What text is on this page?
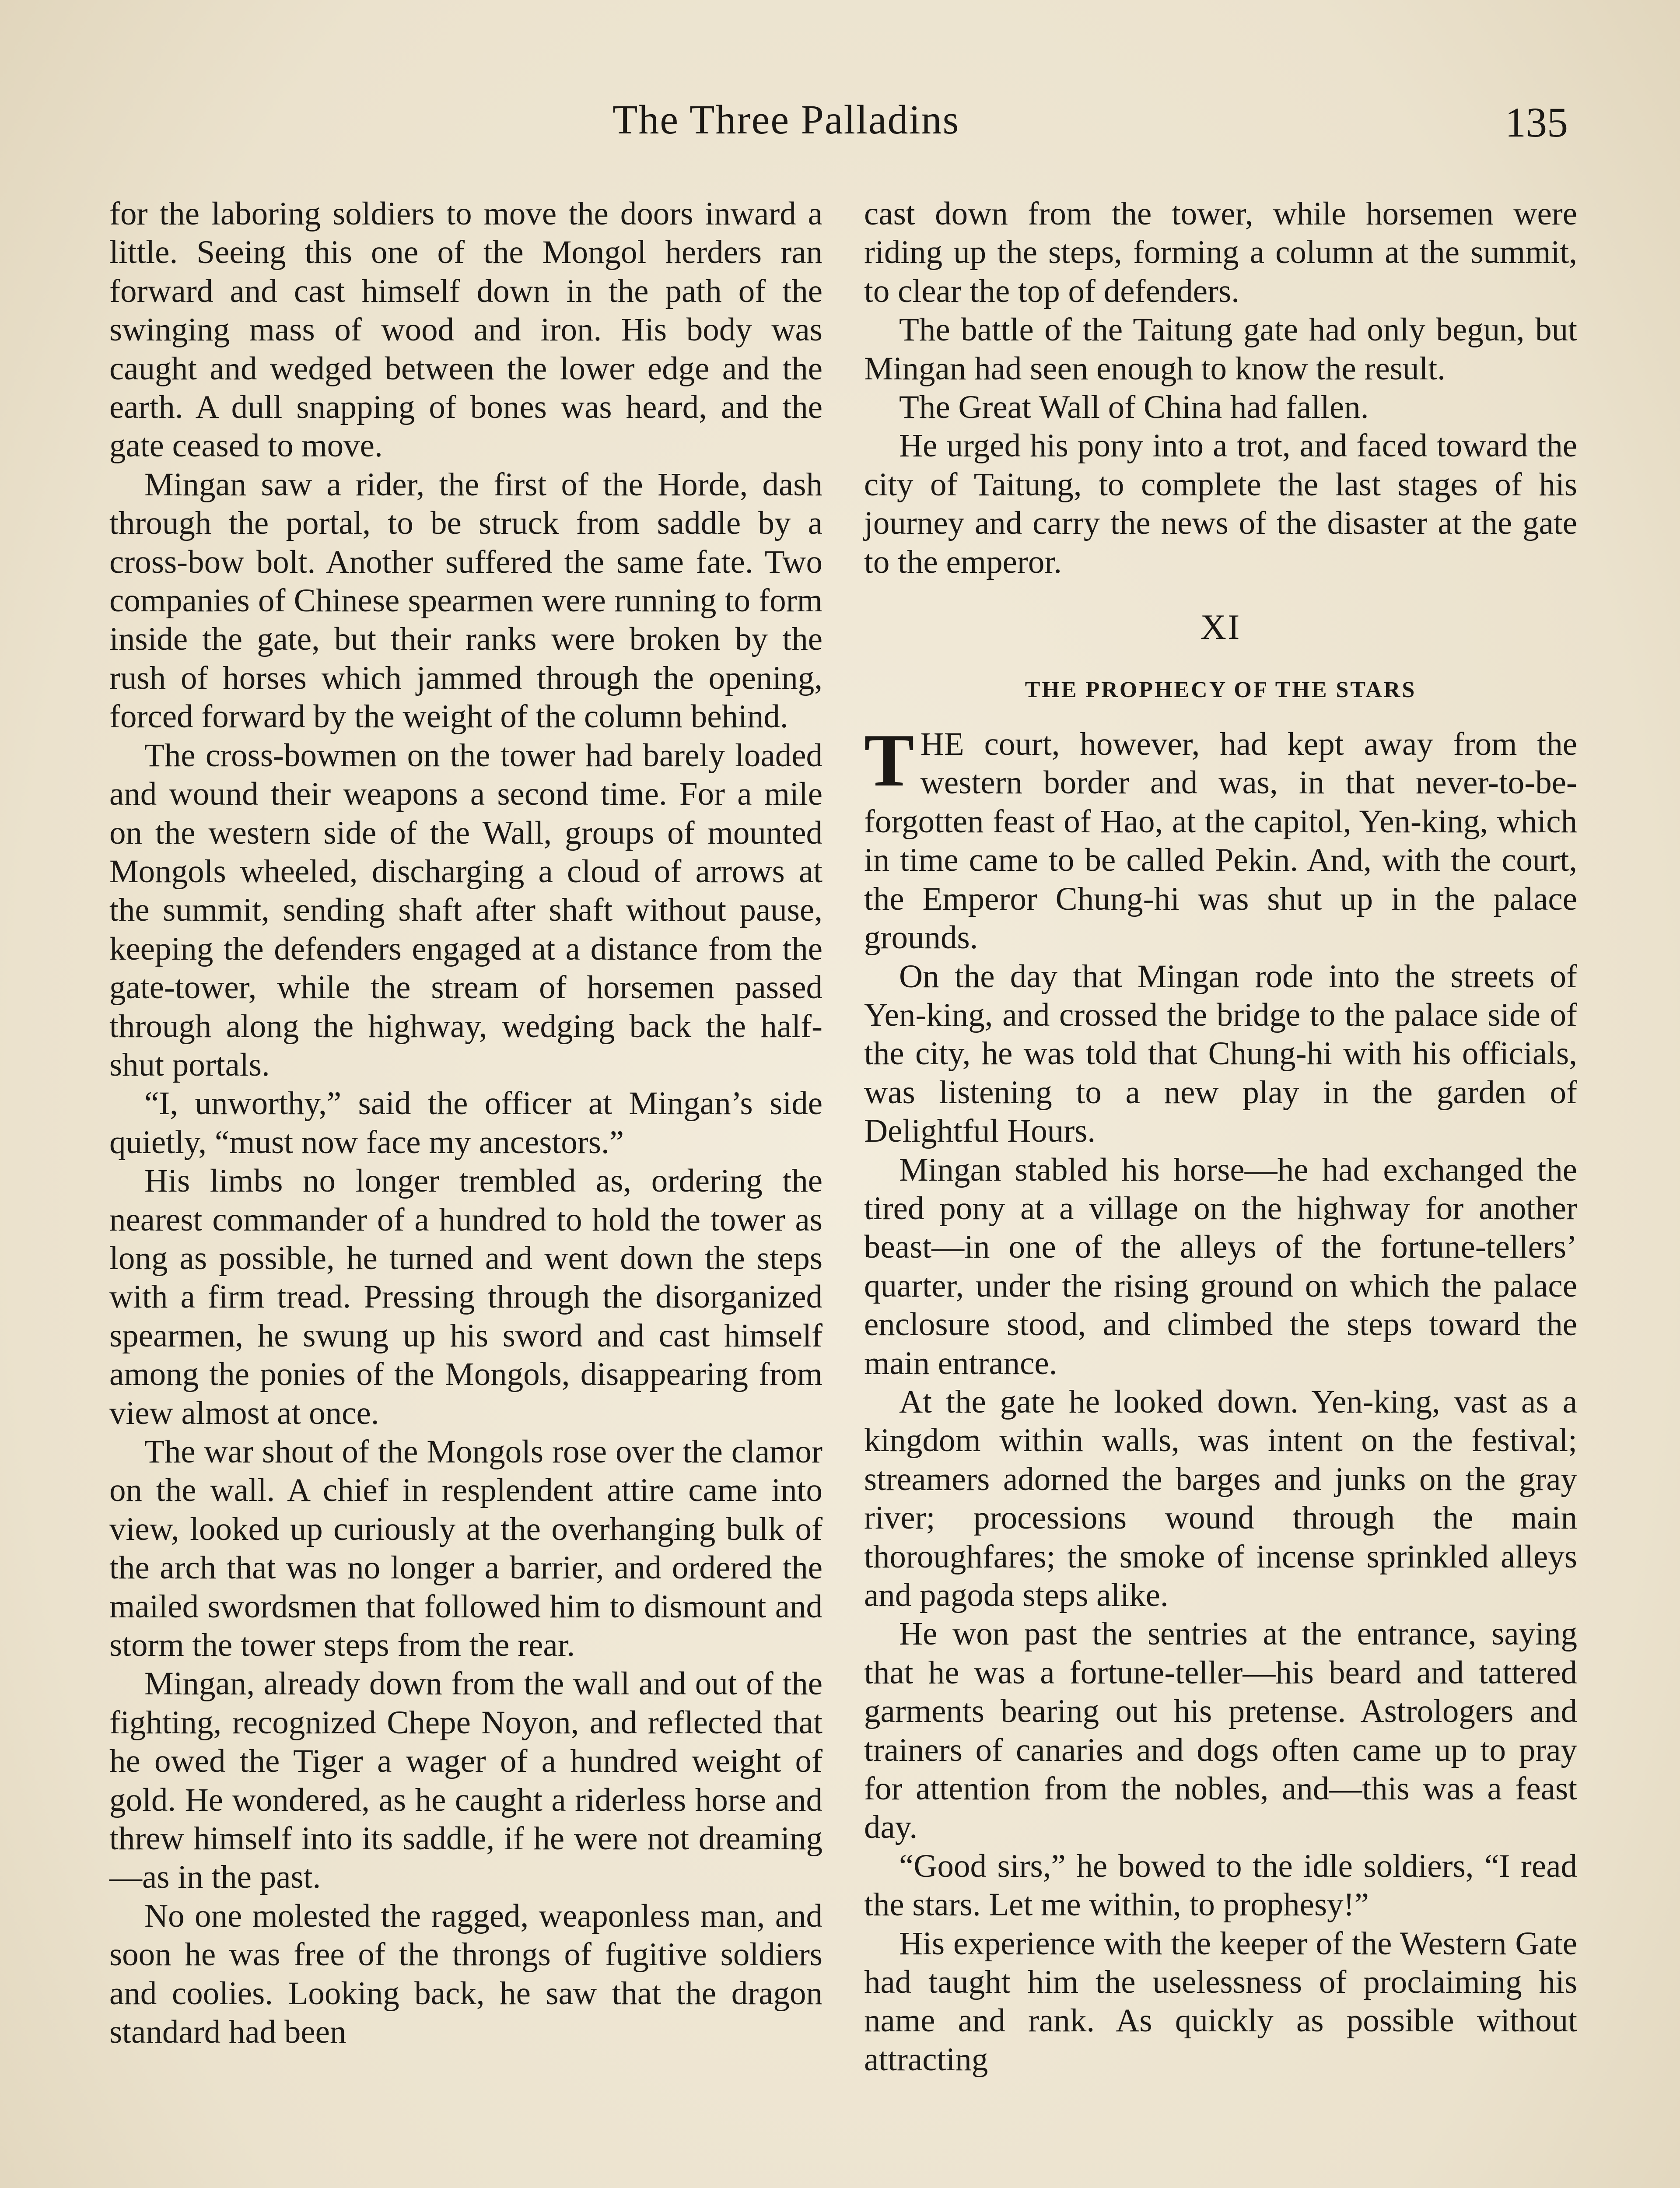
The Three Palladins	135

for the laboring soldiers to move the doors inward a little. Seeing this one of the Mongol herders ran forward and cast himself down in the path of the swinging mass of wood and iron. His body was caught and wedged between the lower edge and the earth. A dull snapping of bones was heard, and the gate ceased to move.

Mingan saw a rider, the first of the Horde, dash through the portal, to be struck from saddle by a cross-bow bolt. Another suffered the same fate. Two companies of Chinese spearmen were running to form inside the gate, but their ranks were broken by the rush of horses which jammed through the opening, forced forward by the weight of the column behind.

The cross-bowmen on the tower had barely loaded and wound their weapons a second time. For a mile on the western side of the Wall, groups of mounted Mongols wheeled, discharging a cloud of arrows at the summit, sending shaft after shaft without pause, keeping the defenders engaged at a distance from the gate-tower, while the stream of horsemen passed through along the highway, wedging back the half-shut portals.

“I, unworthy,” said the officer at Mingan’s side quietly, “must now face my ancestors.”

His limbs no longer trembled as, ordering the nearest commander of a hundred to hold the tower as long as possible, he turned and went down the steps with a firm tread. Pressing through the disorganized spearmen, he swung up his sword and cast himself among the ponies of the Mongols, disappearing from view almost at once.

The war shout of the Mongols rose over the clamor on the wall. A chief in resplendent attire came into view, looked up curiously at the overhanging bulk of the arch that was no longer a barrier, and ordered the mailed swordsmen that followed him to dismount and storm the tower steps from the rear.

Mingan, already down from the wall and out of the fighting, recognized Chepe Noyon, and reflected that he owed the Tiger a wager of a hundred weight of gold. He wondered, as he caught a riderless horse and threw himself into its saddle, if he were not dreaming—as in the past.

No one molested the ragged, weaponless man, and soon he was free of the throngs of fugitive soldiers and coolies. Looking back, he saw that the dragon standard had been

cast down from the tower, while horsemen were riding up the steps, forming a column at the summit, to clear the top of defenders.

The battle of the Taitung gate had only begun, but Mingan had seen enough to know the result.

The Great Wall of China had fallen.

He urged his pony into a trot, and faced toward the city of Taitung, to complete the last stages of his journey and carry the news of the disaster at the gate to the emperor.

XI
THE PROPHECY OF THE STARS

THE court, however, had kept away from the western border and was, in that never-to-be-forgotten feast of Hao, at the capitol, Yen-king, which in time came to be called Pekin. And, with the court, the Emperor Chung-hi was shut up in the palace grounds.

On the day that Mingan rode into the streets of Yen-king, and crossed the bridge to the palace side of the city, he was told that Chung-hi with his officials, was listening to a new play in the garden of Delightful Hours.

Mingan stabled his horse—he had exchanged the tired pony at a village on the highway for another beast—in one of the alleys of the fortune-tellers’ quarter, under the rising ground on which the palace enclosure stood, and climbed the steps toward the main entrance.

At the gate he looked down. Yen-king, vast as a kingdom within walls, was intent on the festival; streamers adorned the barges and junks on the gray river; processions wound through the main thoroughfares; the smoke of incense sprinkled alleys and pagoda steps alike.

He won past the sentries at the entrance, saying that he was a fortune-teller—his beard and tattered garments bearing out his pretense. Astrologers and trainers of canaries and dogs often came up to pray for attention from the nobles, and—this was a feast day.

“Good sirs,” he bowed to the idle soldiers, “I read the stars. Let me within, to prophesy!”

His experience with the keeper of the Western Gate had taught him the uselessness of proclaiming his name and rank. As quickly as possible without attracting
